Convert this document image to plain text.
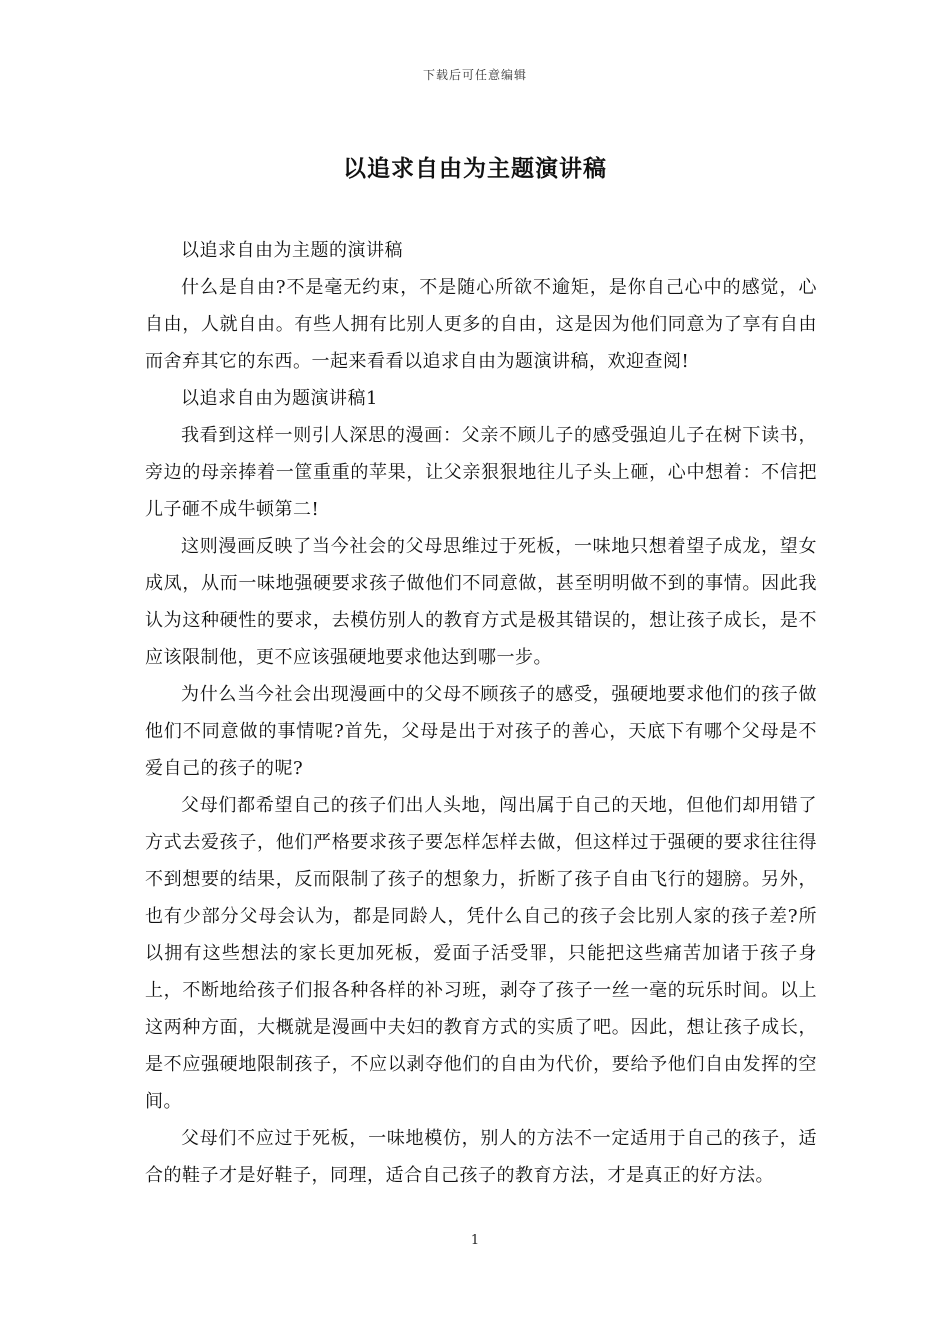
下载后可任意编辑
以追求自由为主题演讲稿

以追求自由为主题的演讲稿

什么是自由?不是毫无约束，不是随心所欲不逾矩，是你自己心中的感觉，心自由，人就自由。有些人拥有比别人更多的自由，这是因为他们同意为了享有自由而舍弃其它的东西。一起来看看以追求自由为题演讲稿，欢迎查阅!

以追求自由为题演讲稿1

我看到这样一则引人深思的漫画：父亲不顾儿子的感受强迫儿子在树下读书，旁边的母亲捧着一筐重重的苹果，让父亲狠狠地往儿子头上砸，心中想着：不信把儿子砸不成牛顿第二!

这则漫画反映了当今社会的父母思维过于死板，一味地只想着望子成龙，望女成凤，从而一味地强硬要求孩子做他们不同意做，甚至明明做不到的事情。因此我认为这种硬性的要求，去模仿别人的教育方式是极其错误的，想让孩子成长，是不应该限制他，更不应该强硬地要求他达到哪一步。

为什么当今社会出现漫画中的父母不顾孩子的感受，强硬地要求他们的孩子做他们不同意做的事情呢?首先，父母是出于对孩子的善心，天底下有哪个父母是不爱自己的孩子的呢?

父母们都希望自己的孩子们出人头地，闯出属于自己的天地，但他们却用错了方式去爱孩子，他们严格要求孩子要怎样怎样去做，但这样过于强硬的要求往往得不到想要的结果，反而限制了孩子的想象力，折断了孩子自由飞行的翅膀。另外，也有少部分父母会认为，都是同龄人，凭什么自己的孩子会比别人家的孩子差?所以拥有这些想法的家长更加死板，爱面子活受罪，只能把这些痛苦加诸于孩子身上，不断地给孩子们报各种各样的补习班，剥夺了孩子一丝一毫的玩乐时间。以上这两种方面，大概就是漫画中夫妇的教育方式的实质了吧。因此，想让孩子成长，是不应强硬地限制孩子，不应以剥夺他们的自由为代价，要给予他们自由发挥的空间。

父母们不应过于死板，一味地模仿，别人的方法不一定适用于自己的孩子，适合的鞋子才是好鞋子，同理，适合自己孩子的教育方法，才是真正的好方法。

1
